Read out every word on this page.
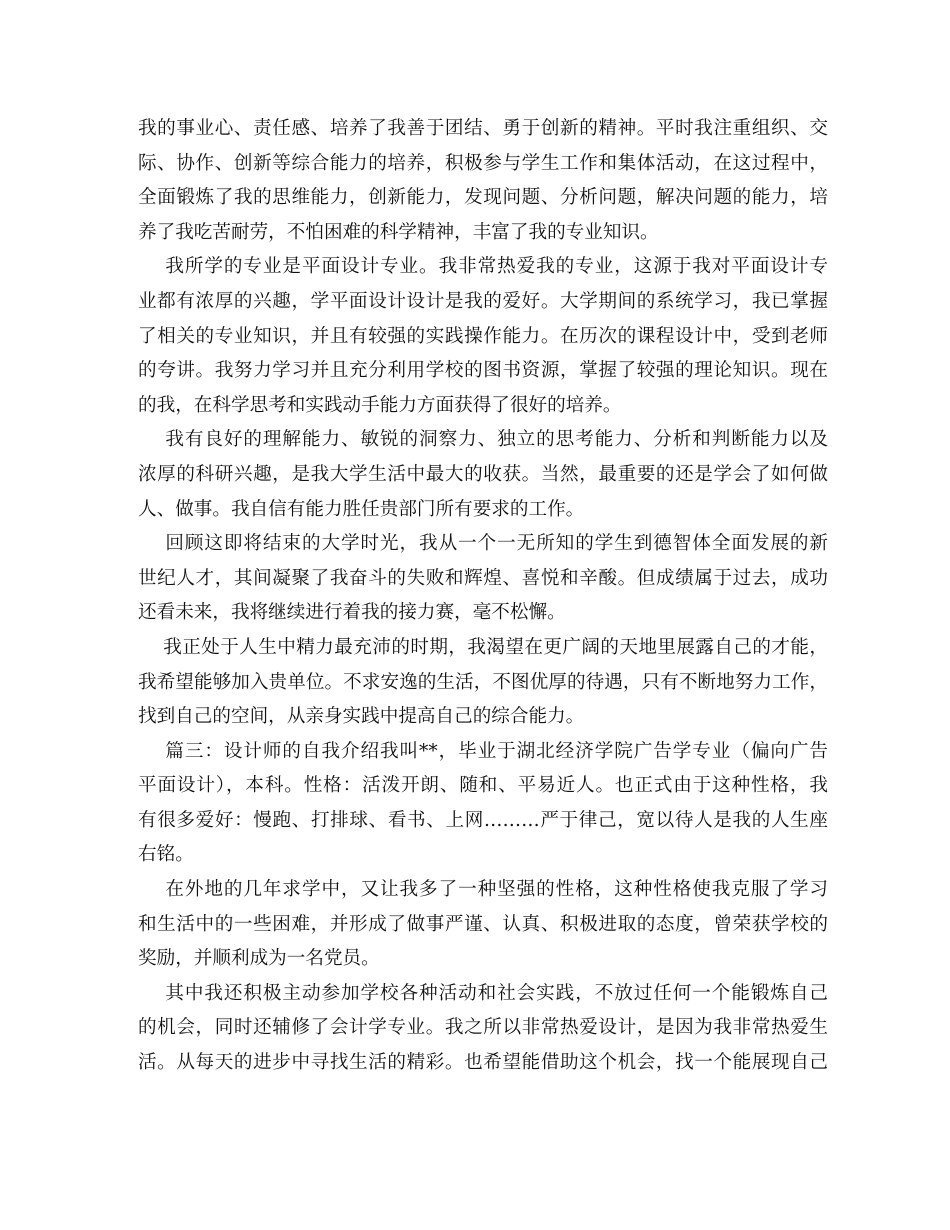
我的事业心、责任感、培养了我善于团结、勇于创新的精神。平时我注重组织、交
际、协作、创新等综合能力的培养，积极参与学生工作和集体活动，在这过程中，
全面锻炼了我的思维能力，创新能力，发现问题、分析问题，解决问题的能力，培
养了我吃苦耐劳，不怕困难的科学精神，丰富了我的专业知识。
我所学的专业是平面设计专业。我非常热爱我的专业，这源于我对平面设计专
业都有浓厚的兴趣，学平面设计设计是我的爱好。大学期间的系统学习，我已掌握
了相关的专业知识，并且有较强的实践操作能力。在历次的课程设计中，受到老师
的夸讲。我努力学习并且充分利用学校的图书资源，掌握了较强的理论知识。现在
的我，在科学思考和实践动手能力方面获得了很好的培养。
我有良好的理解能力、敏锐的洞察力、独立的思考能力、分析和判断能力以及
浓厚的科研兴趣，是我大学生活中最大的收获。当然，最重要的还是学会了如何做
人、做事。我自信有能力胜任贵部门所有要求的工作。
回顾这即将结束的大学时光，我从一个一无所知的学生到德智体全面发展的新
世纪人才，其间凝聚了我奋斗的失败和辉煌、喜悦和辛酸。但成绩属于过去，成功
还看未来，我将继续进行着我的接力赛，毫不松懈。
我正处于人生中精力最充沛的时期，我渴望在更广阔的天地里展露自己的才能，
我希望能够加入贵单位。不求安逸的生活，不图优厚的待遇，只有不断地努力工作，
找到自己的空间，从亲身实践中提高自己的综合能力。
篇三：设计师的自我介绍我叫**，毕业于湖北经济学院广告学专业（偏向广告
平面设计），本科。性格：活泼开朗、随和、平易近人。也正式由于这种性格，我
有很多爱好：慢跑、打排球、看书、上网………严于律己，宽以待人是我的人生座
右铭。
在外地的几年求学中，又让我多了一种坚强的性格，这种性格使我克服了学习
和生活中的一些困难，并形成了做事严谨、认真、积极进取的态度，曾荣获学校的
奖励，并顺利成为一名党员。
其中我还积极主动参加学校各种活动和社会实践，不放过任何一个能锻炼自己
的机会，同时还辅修了会计学专业。我之所以非常热爱设计，是因为我非常热爱生
活。从每天的进步中寻找生活的精彩。也希望能借助这个机会，找一个能展现自己
